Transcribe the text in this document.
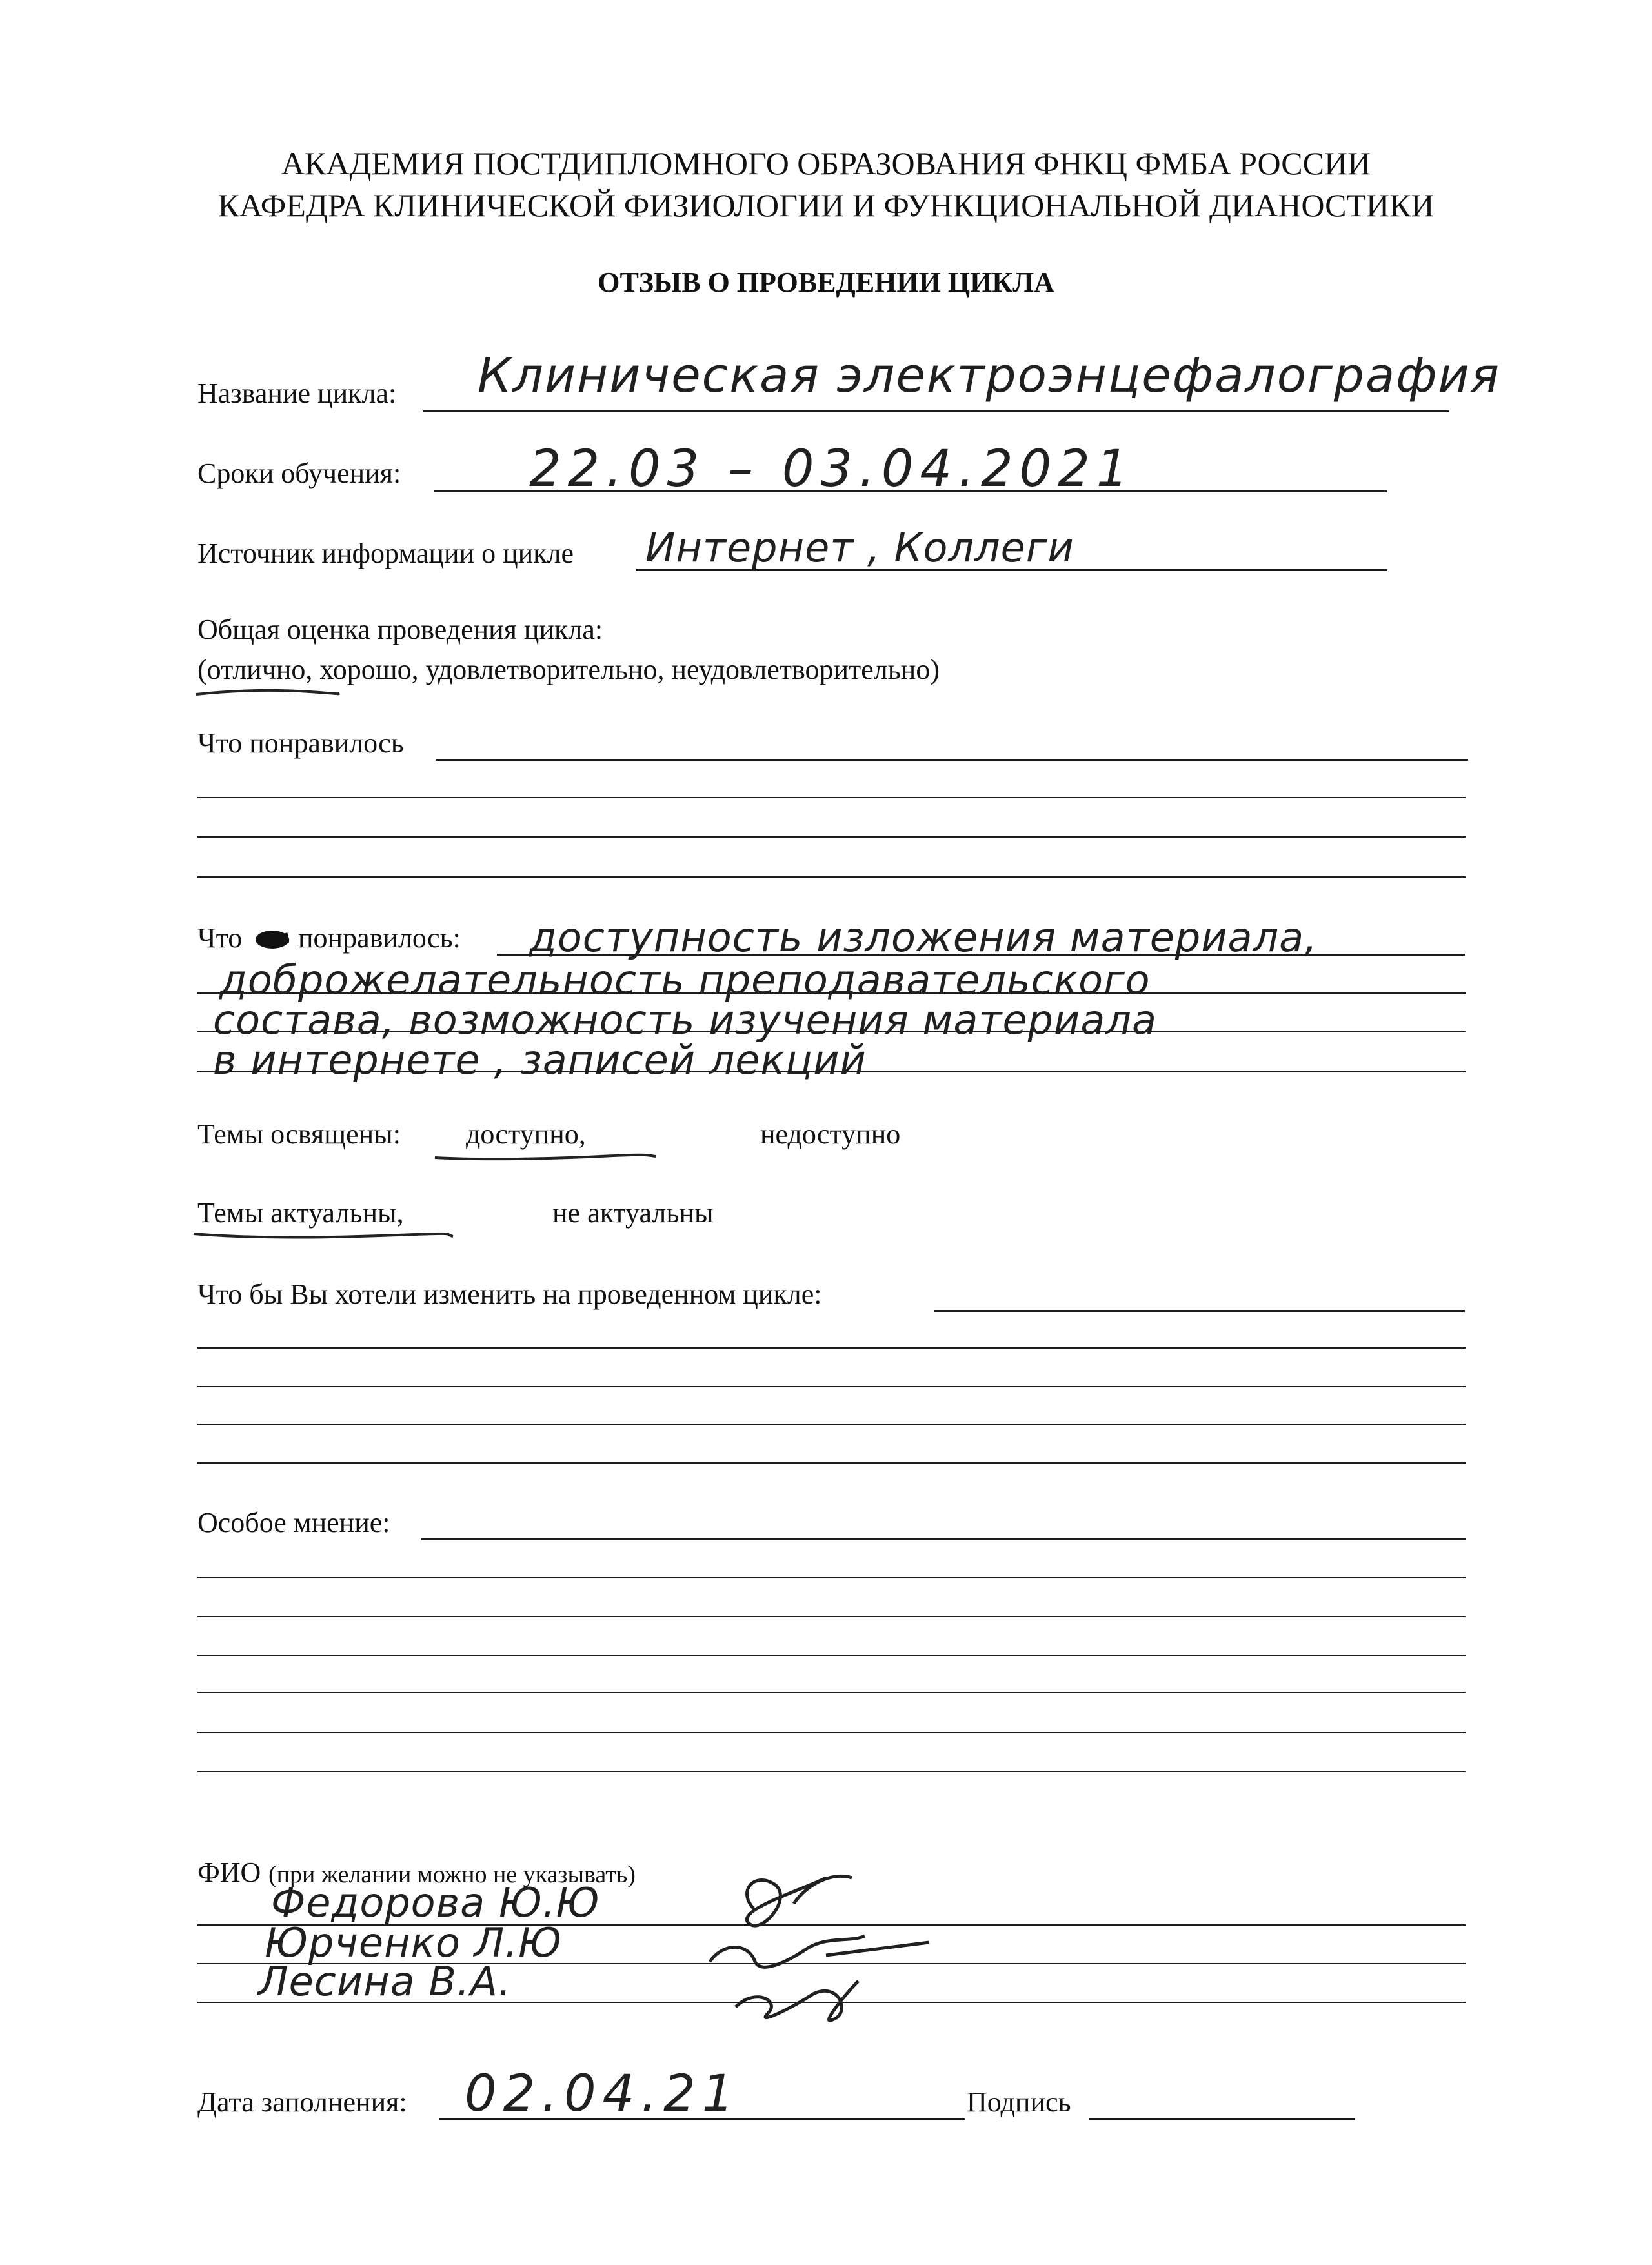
АКАДЕМИЯ ПОСТДИПЛОМНОГО ОБРАЗОВАНИЯ ФНКЦ ФМБА РОССИИ
КАФЕДРА КЛИНИЧЕСКОЙ ФИЗИОЛОГИИ И ФУНКЦИОНАЛЬНОЙ ДИАНОСТИКИ
ОТЗЫВ О ПРОВЕДЕНИИ ЦИКЛА
Название цикла: Клиническая электроэнцефалография
Сроки обучения:	22.03 – 03.04.2021
Источник информации о цикле Интернет , Коллеги
Общая оценка проведения цикла:
(отлично, хорошо, удовлетворительно, неудовлетворительно)
Что понравилось
Что понравилось: доступность изложения материала,
доброжелательность преподавательского
состава, возможность изучения материала
в интернете , записей лекций
Темы освящены: доступно,	недоступно
Темы актуальны,	не актуальны
Что бы Вы хотели изменить на проведенном цикле:
Особое мнение:
ФИО (при желании можно не указывать)
Федорова Ю.Ю
Юрченко Л.Ю
Лесина В.А.
Дата заполнения: 02.04.21	Подпись
